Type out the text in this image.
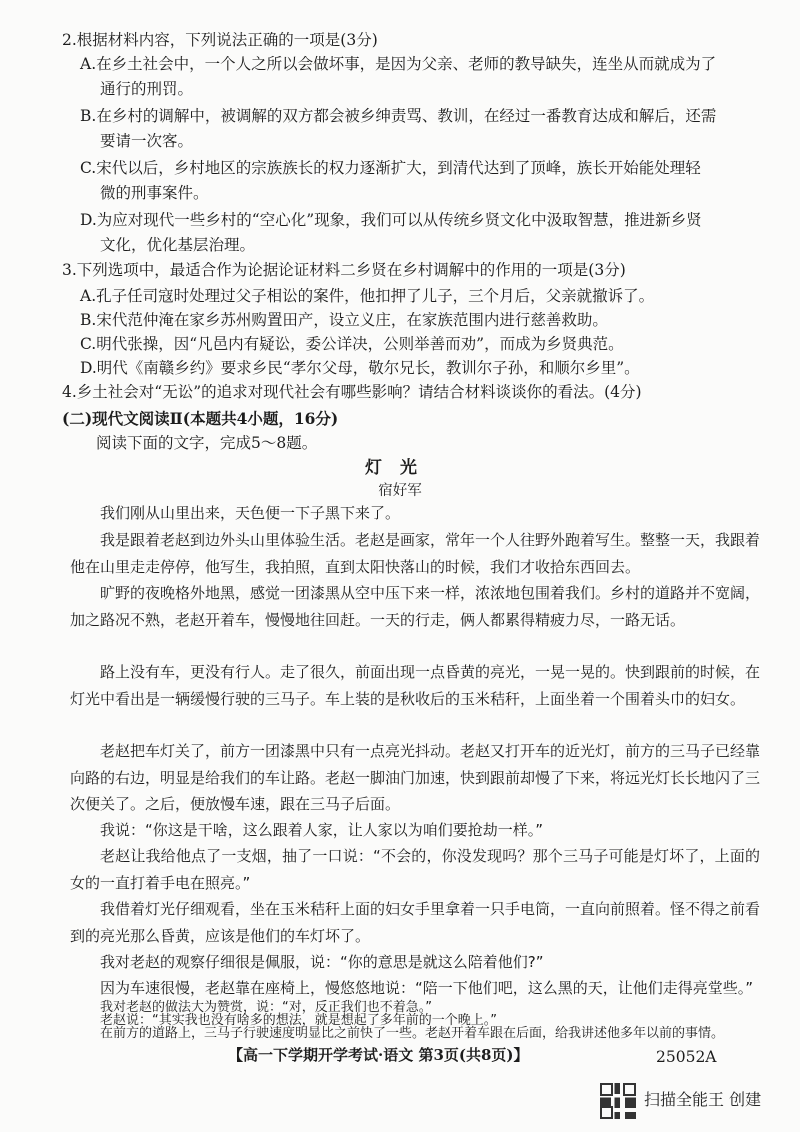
2.根据材料内容，下列说法正确的一项是(3分)
A.在乡土社会中，一个人之所以会做坏事，是因为父亲、老师的教导缺失，连坐从而就成为了
通行的刑罚。
B.在乡村的调解中，被调解的双方都会被乡绅责骂、教训，在经过一番教育达成和解后，还需
要请一次客。
C.宋代以后，乡村地区的宗族族长的权力逐渐扩大，到清代达到了顶峰，族长开始能处理轻
微的刑事案件。
D.为应对现代一些乡村的“空心化”现象，我们可以从传统乡贤文化中汲取智慧，推进新乡贤
文化，优化基层治理。
3.下列选项中，最适合作为论据论证材料二乡贤在乡村调解中的作用的一项是(3分)
A.孔子任司寇时处理过父子相讼的案件，他扣押了儿子，三个月后，父亲就撤诉了。
B.宋代范仲淹在家乡苏州购置田产，设立义庄，在家族范围内进行慈善救助。
C.明代张操，因“凡邑内有疑讼，委公详决，公则举善而劝”，而成为乡贤典范。
D.明代《南赣乡约》要求乡民“孝尔父母，敬尔兄长，教训尔子孙，和顺尔乡里”。
4.乡土社会对“无讼”的追求对现代社会有哪些影响？请结合材料谈谈你的看法。(4分)
(二)现代文阅读Ⅱ(本题共4小题，16分)
阅读下面的文字，完成5～8题。
灯光
宿好军
我们刚从山里出来，天色便一下子黑下来了。
我是跟着老赵到边外头山里体验生活。老赵是画家，常年一个人往野外跑着写生。整整一天，我跟着他在山里走走停停，他写生，我拍照，直到太阳快落山的时候，我们才收拾东西回去。
旷野的夜晚格外地黑，感觉一团漆黑从空中压下来一样，浓浓地包围着我们。乡村的道路并不宽阔，加之路况不熟，老赵开着车，慢慢地往回赶。一天的行走，俩人都累得精疲力尽，一路无话。
路上没有车，更没有行人。走了很久，前面出现一点昏黄的亮光，一晃一晃的。快到跟前的时候，在灯光中看出是一辆缓慢行驶的三马子。车上装的是秋收后的玉米秸秆，上面坐着一个围着头巾的妇女。
老赵把车灯关了，前方一团漆黑中只有一点亮光抖动。老赵又打开车的近光灯，前方的三马子已经靠向路的右边，明显是给我们的车让路。老赵一脚油门加速，快到跟前却慢了下来，将远光灯长长地闪了三次便关了。之后，便放慢车速，跟在三马子后面。
我说：“你这是干啥，这么跟着人家，让人家以为咱们要抢劫一样。”
老赵让我给他点了一支烟，抽了一口说：“不会的，你没发现吗？那个三马子可能是灯坏了，上面的女的一直打着手电在照亮。”
我借着灯光仔细观看，坐在玉米秸秆上面的妇女手里拿着一只手电筒，一直向前照着。怪不得之前看到的亮光那么昏黄，应该是他们的车灯坏了。
我对老赵的观察仔细很是佩服，说：“你的意思是就这么陪着他们?”
因为车速很慢，老赵靠在座椅上，慢悠悠地说：“陪一下他们吧，这么黑的天，让他们走得亮堂些。”
【高一下学期开学考试·语文 第3页(共8页)】	25052A
扫描全能王 创建
我对老赵的做法大为赞赏，说：“对，反正我们也不着急。”
老赵说：“其实我也没有啥多的想法，就是想起了多年前的一个晚上。”
在前方的道路上，三马子行驶速度明显比之前快了一些。老赵开着车跟在后面，给我讲述他多年以前的事情。
